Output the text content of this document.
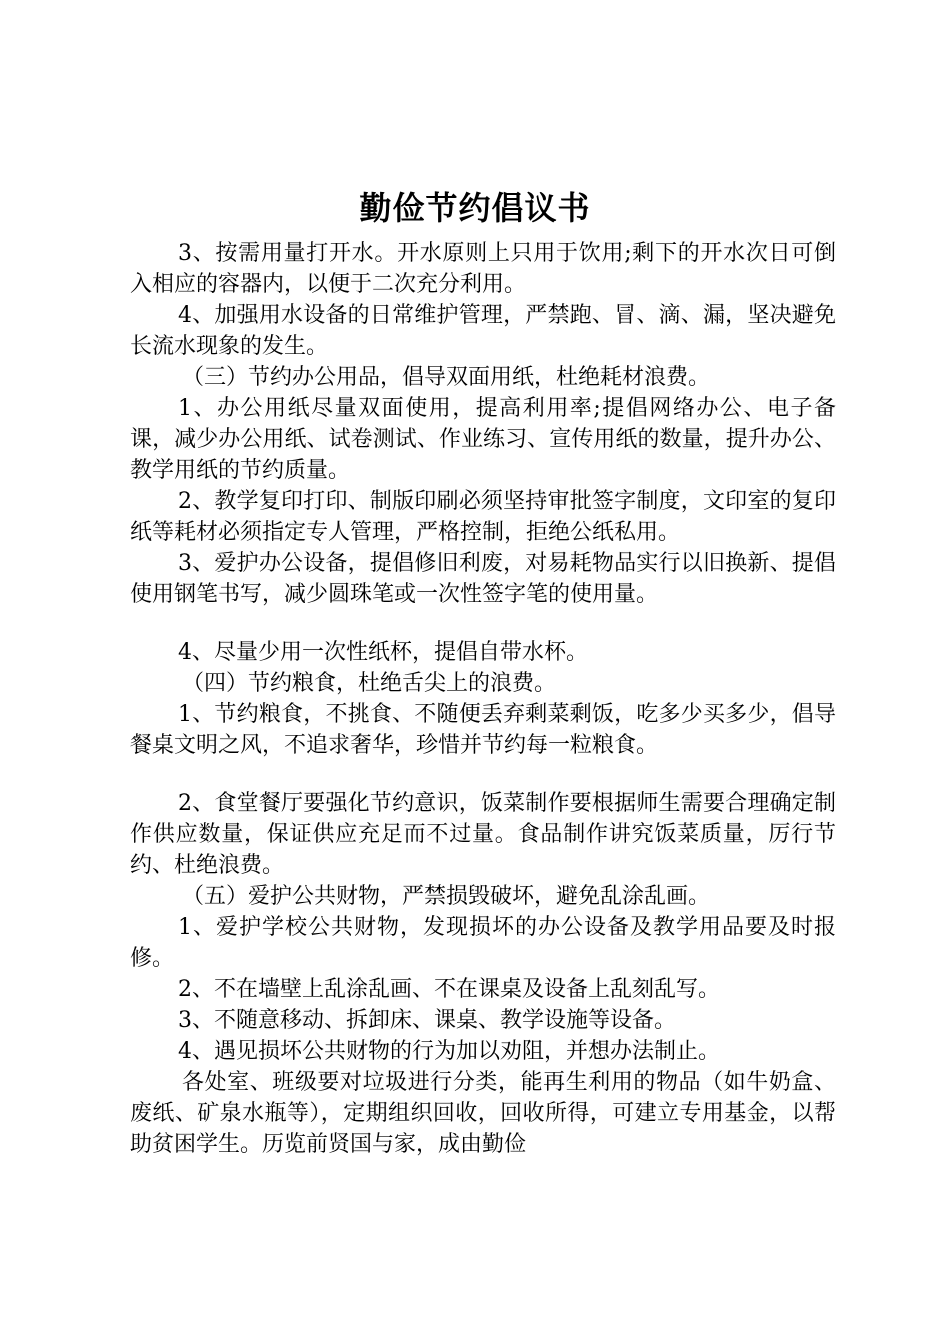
勤俭节约倡议书

3、按需用量打开水。开水原则上只用于饮用;剩下的开水次日可倒入相应的容器内，以便于二次充分利用。

4、加强用水设备的日常维护管理，严禁跑、冒、滴、漏，坚决避免长流水现象的发生。

（三）节约办公用品，倡导双面用纸，杜绝耗材浪费。

1、办公用纸尽量双面使用，提高利用率;提倡网络办公、电子备课，减少办公用纸、试卷测试、作业练习、宣传用纸的数量，提升办公、教学用纸的节约质量。

2、教学复印打印、制版印刷必须坚持审批签字制度，文印室的复印纸等耗材必须指定专人管理，严格控制，拒绝公纸私用。

3、爱护办公设备，提倡修旧利废，对易耗物品实行以旧换新、提倡使用钢笔书写，减少圆珠笔或一次性签字笔的使用量。

4、尽量少用一次性纸杯，提倡自带水杯。

（四）节约粮食，杜绝舌尖上的浪费。

1、节约粮食，不挑食、不随便丢弃剩菜剩饭，吃多少买多少，倡导餐桌文明之风，不追求奢华，珍惜并节约每一粒粮食。

2、食堂餐厅要强化节约意识，饭菜制作要根据师生需要合理确定制作供应数量，保证供应充足而不过量。食品制作讲究饭菜质量，厉行节约、杜绝浪费。

（五）爱护公共财物，严禁损毁破坏，避免乱涂乱画。

1、爱护学校公共财物，发现损坏的办公设备及教学用品要及时报修。

2、不在墙壁上乱涂乱画、不在课桌及设备上乱刻乱写。

3、不随意移动、拆卸床、课桌、教学设施等设备。

4、遇见损坏公共财物的行为加以劝阻，并想办法制止。

各处室、班级要对垃圾进行分类，能再生利用的物品（如牛奶盒、废纸、矿泉水瓶等），定期组织回收，回收所得，可建立专用基金，以帮助贫困学生。历览前贤国与家，成由勤俭
